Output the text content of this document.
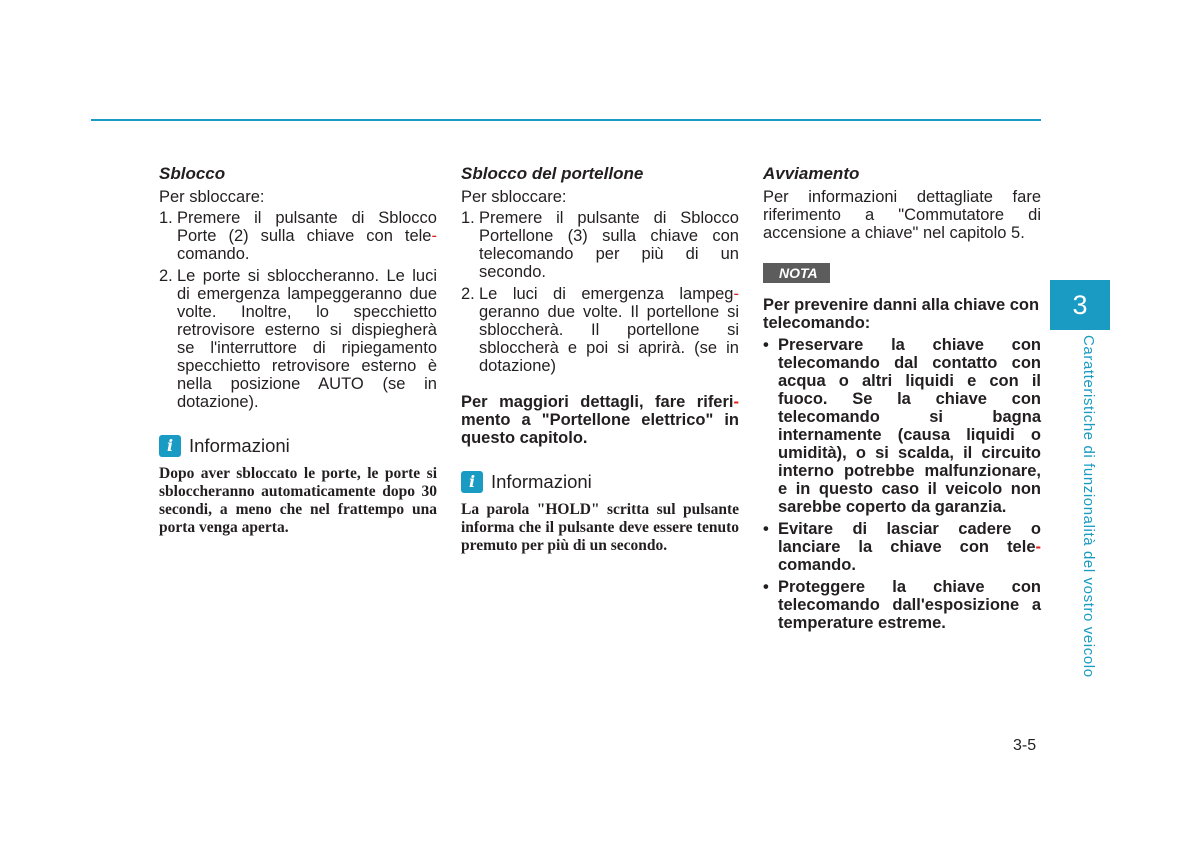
Sblocco

Per sbloccare:

1. Premere il pulsante di Sblocco Porte (2) sulla chiave con tele-comando.
2. Le porte si sbloccheranno. Le luci di emergenza lampeggeranno due volte. Inoltre, lo specchietto retrovisore esterno si dispiegherà se l'interruttore di ripiegamento specchietto retrovisore esterno è nella posizione AUTO (se in dotazione).
i Informazioni

Dopo aver sbloccato le porte, le porte si sbloccheranno automaticamente dopo 30 secondi, a meno che nel frattempo una porta venga aperta.

Sblocco del portellone

Per sbloccare:

1. Premere il pulsante di Sblocco Portellone (3) sulla chiave con telecomando per più di un secondo.
2. Le luci di emergenza lampeg-geranno due volte. Il portellone si sbloccherà. Il portellone si sbloccherà e poi si aprirà. (se in dotazione)

Per maggiori dettagli, fare riferi-mento a "Portellone elettrico" in questo capitolo.

i Informazioni

La parola "HOLD" scritta sul pulsante informa che il pulsante deve essere tenuto premuto per più di un secondo.

Avviamento

Per informazioni dettagliate fare riferimento a "Commutatore di accensione a chiave" nel capitolo 5.

NOTA

Per prevenire danni alla chiave con telecomando:

• Preservare la chiave con telecomando dal contatto con acqua o altri liquidi e con il fuoco. Se la chiave con telecomando si bagna internamente (causa liquidi o umidità), o si scalda, il circuito interno potrebbe malfunzionare, e in questo caso il veicolo non sarebbe coperto da garanzia.
• Evitare di lasciar cadere o lanciare la chiave con tele-comando.
• Proteggere la chiave con telecomando dall'esposizione a temperature estreme.
3
Caratteristiche di funzionalità del vostro veicolo
3-5
